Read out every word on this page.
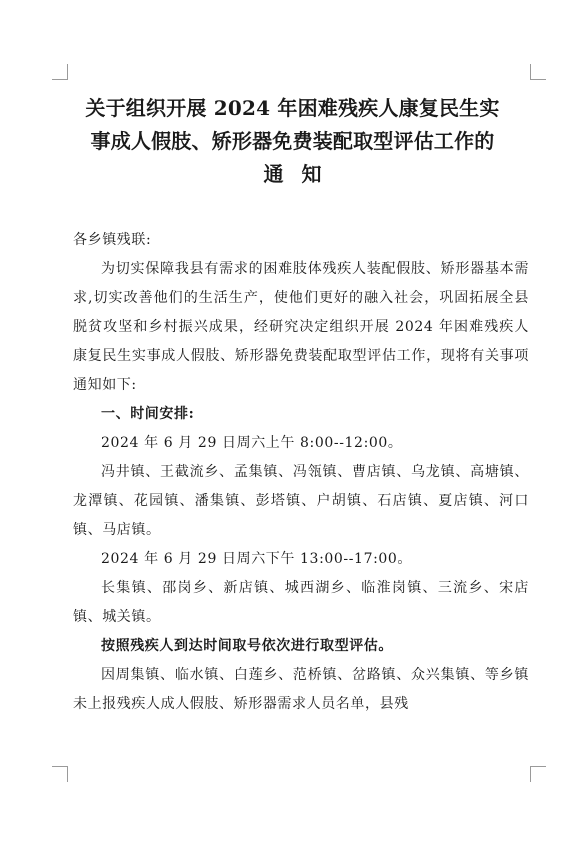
关于组织开展 2024 年困难残疾人康复民生实
事成人假肢、矫形器免费装配取型评估工作的
通知

各乡镇残联:

为切实保障我县有需求的困难肢体残疾人装配假肢、矫形器基本需求,切实改善他们的生活生产，使他们更好的融入社会，巩固拓展全县脱贫攻坚和乡村振兴成果，经研究决定组织开展 2024 年困难残疾人康复民生实事成人假肢、矫形器免费装配取型评估工作，现将有关事项通知如下:

一、时间安排:

2024 年 6 月 29 日周六上午 8:00--12:00。

冯井镇、王截流乡、孟集镇、冯瓴镇、曹店镇、乌龙镇、高塘镇、龙潭镇、花园镇、潘集镇、彭塔镇、户胡镇、石店镇、夏店镇、河口镇、马店镇。

2024 年 6 月 29 日周六下午 13:00--17:00。

长集镇、邵岗乡、新店镇、城西湖乡、临淮岗镇、三流乡、宋店镇、城关镇。

按照残疾人到达时间取号依次进行取型评估。

因周集镇、临水镇、白莲乡、范桥镇、岔路镇、众兴集镇、等乡镇未上报残疾人成人假肢、矫形器需求人员名单，县残
